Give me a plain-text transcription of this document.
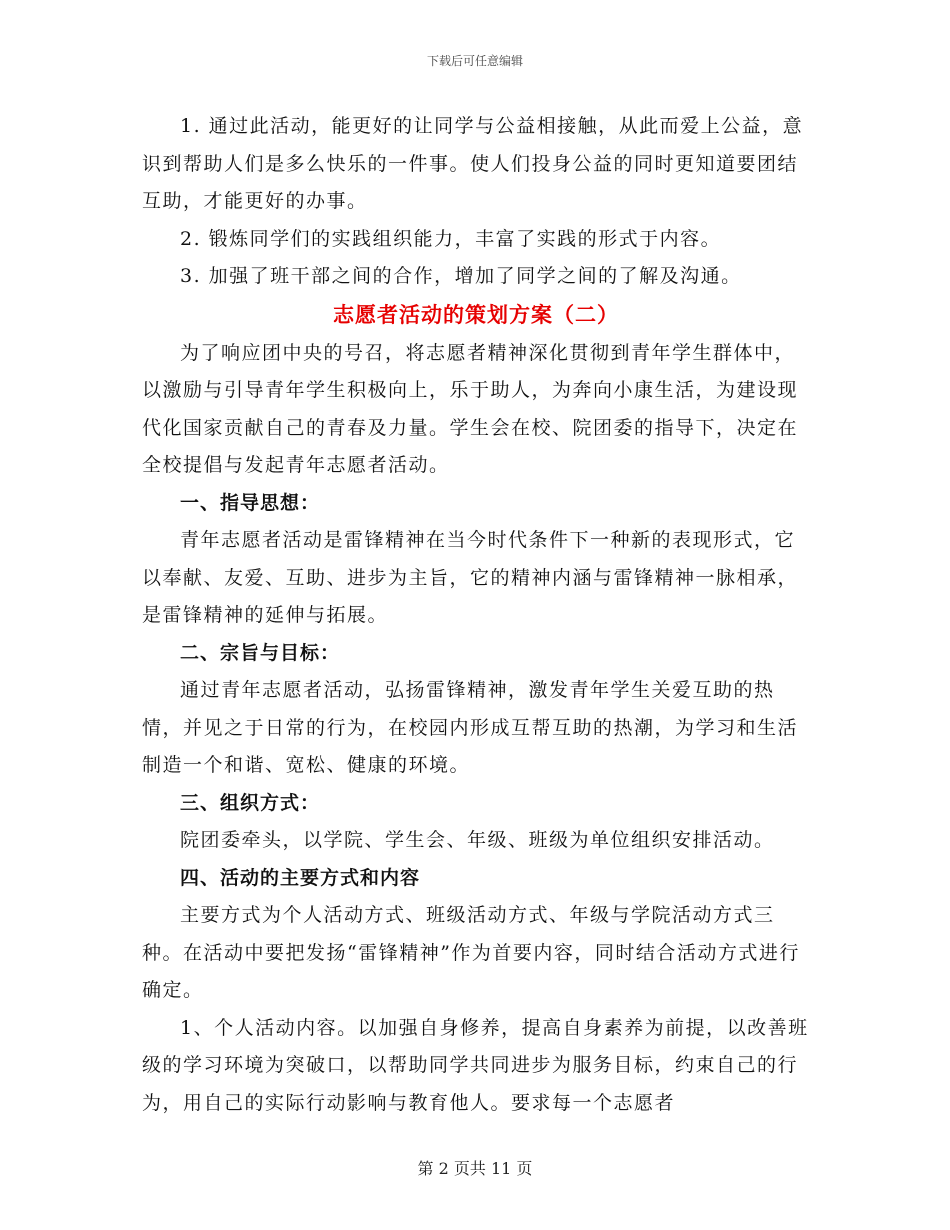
下载后可任意编辑

1. 通过此活动，能更好的让同学与公益相接触，从此而爱上公益，意识到帮助人们是多么快乐的一件事。使人们投身公益的同时更知道要团结互助，才能更好的办事。

2. 锻炼同学们的实践组织能力，丰富了实践的形式于内容。

3. 加强了班干部之间的合作，增加了同学之间的了解及沟通。

志愿者活动的策划方案（二）

为了响应团中央的号召，将志愿者精神深化贯彻到青年学生群体中，以激励与引导青年学生积极向上，乐于助人，为奔向小康生活，为建设现代化国家贡献自己的青春及力量。学生会在校、院团委的指导下，决定在全校提倡与发起青年志愿者活动。

一、指导思想：

青年志愿者活动是雷锋精神在当今时代条件下一种新的表现形式，它以奉献、友爱、互助、进步为主旨，它的精神内涵与雷锋精神一脉相承，是雷锋精神的延伸与拓展。

二、宗旨与目标：

通过青年志愿者活动，弘扬雷锋精神，激发青年学生关爱互助的热情，并见之于日常的行为，在校园内形成互帮互助的热潮，为学习和生活制造一个和谐、宽松、健康的环境。

三、组织方式：

院团委牵头，以学院、学生会、年级、班级为单位组织安排活动。

四、活动的主要方式和内容

主要方式为个人活动方式、班级活动方式、年级与学院活动方式三种。在活动中要把发扬“雷锋精神”作为首要内容，同时结合活动方式进行确定。

1、个人活动内容。以加强自身修养，提高自身素养为前提，以改善班级的学习环境为突破口，以帮助同学共同进步为服务目标，约束自己的行为，用自己的实际行动影响与教育他人。要求每一个志愿者

第 2 页共 11 页
